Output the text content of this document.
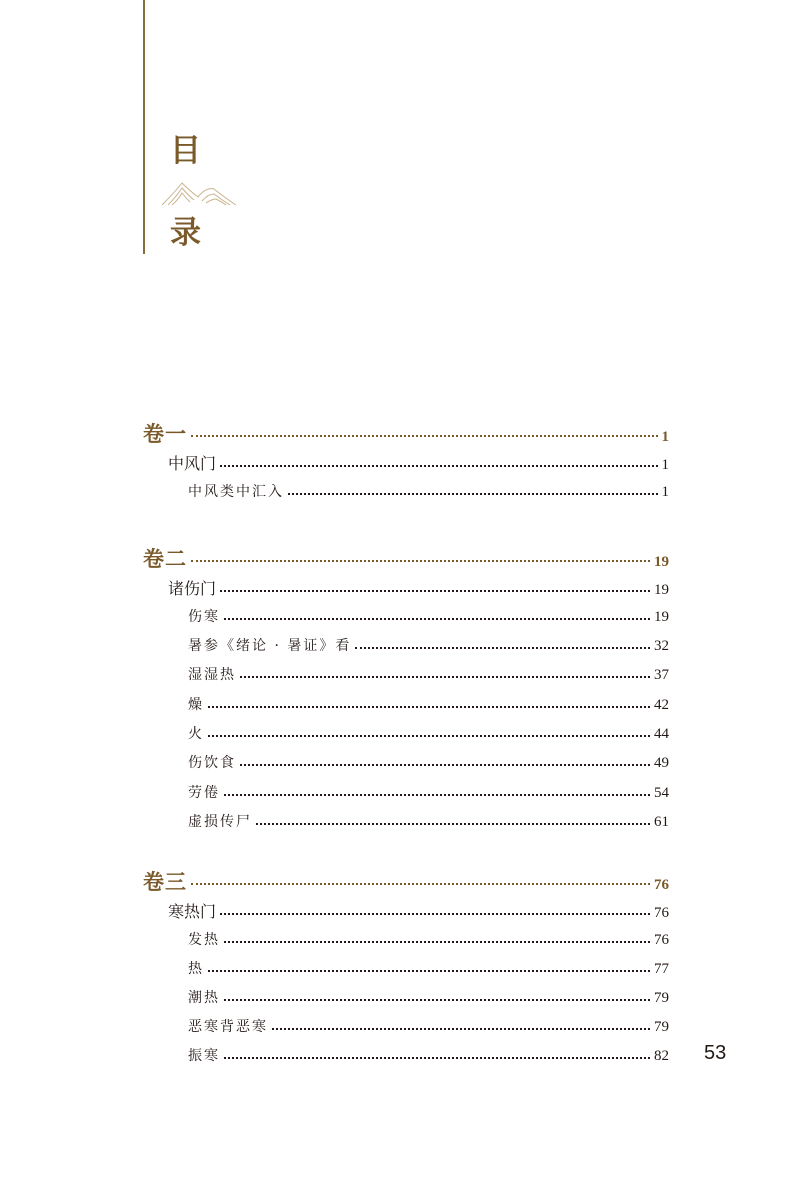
目
录
卷一	1
中风门	1
中风类中汇入	1
卷二	19
诸伤门	19
伤寒	19
暑参《绪论 · 暑证》看	32
湿湿热	37
燥	42
火	44
伤饮食	49
劳倦	54
虚损传尸	61
卷三	76
寒热门	76
发热	76
热	77
潮热	79
恶寒背恶寒	79
振寒	82 53
